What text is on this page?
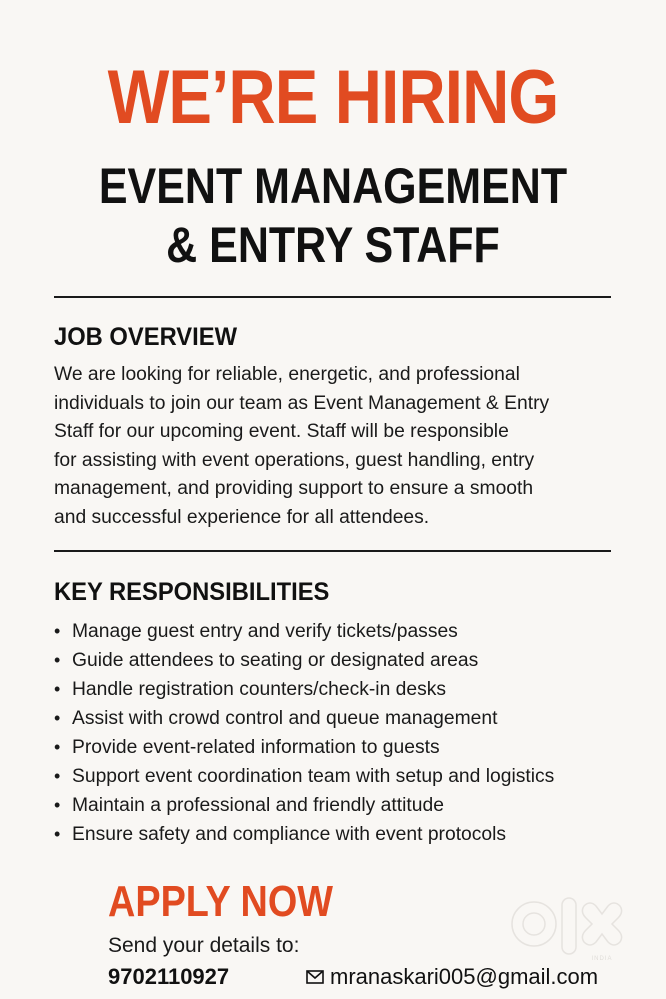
WE’RE HIRING
EVENT MANAGEMENT
& ENTRY STAFF
JOB OVERVIEW
We are looking for reliable, energetic, and professional
individuals to join our team as Event Management & Entry
Staff for our upcoming event. Staff will be responsible
for assisting with event operations, guest handling, entry
management, and providing support to ensure a smooth
and successful experience for all attendees.
KEY RESPONSIBILITIES
• Manage guest entry and verify tickets/passes
• Guide attendees to seating or designated areas
• Handle registration counters/check-in desks
• Assist with crowd control and queue management
• Provide event-related information to guests
• Support event coordination team with setup and logistics
• Maintain a professional and friendly attitude
• Ensure safety and compliance with event protocols
APPLY NOW
Send your details to:
9702110927	mranaskari005@gmail.com
INDIA
